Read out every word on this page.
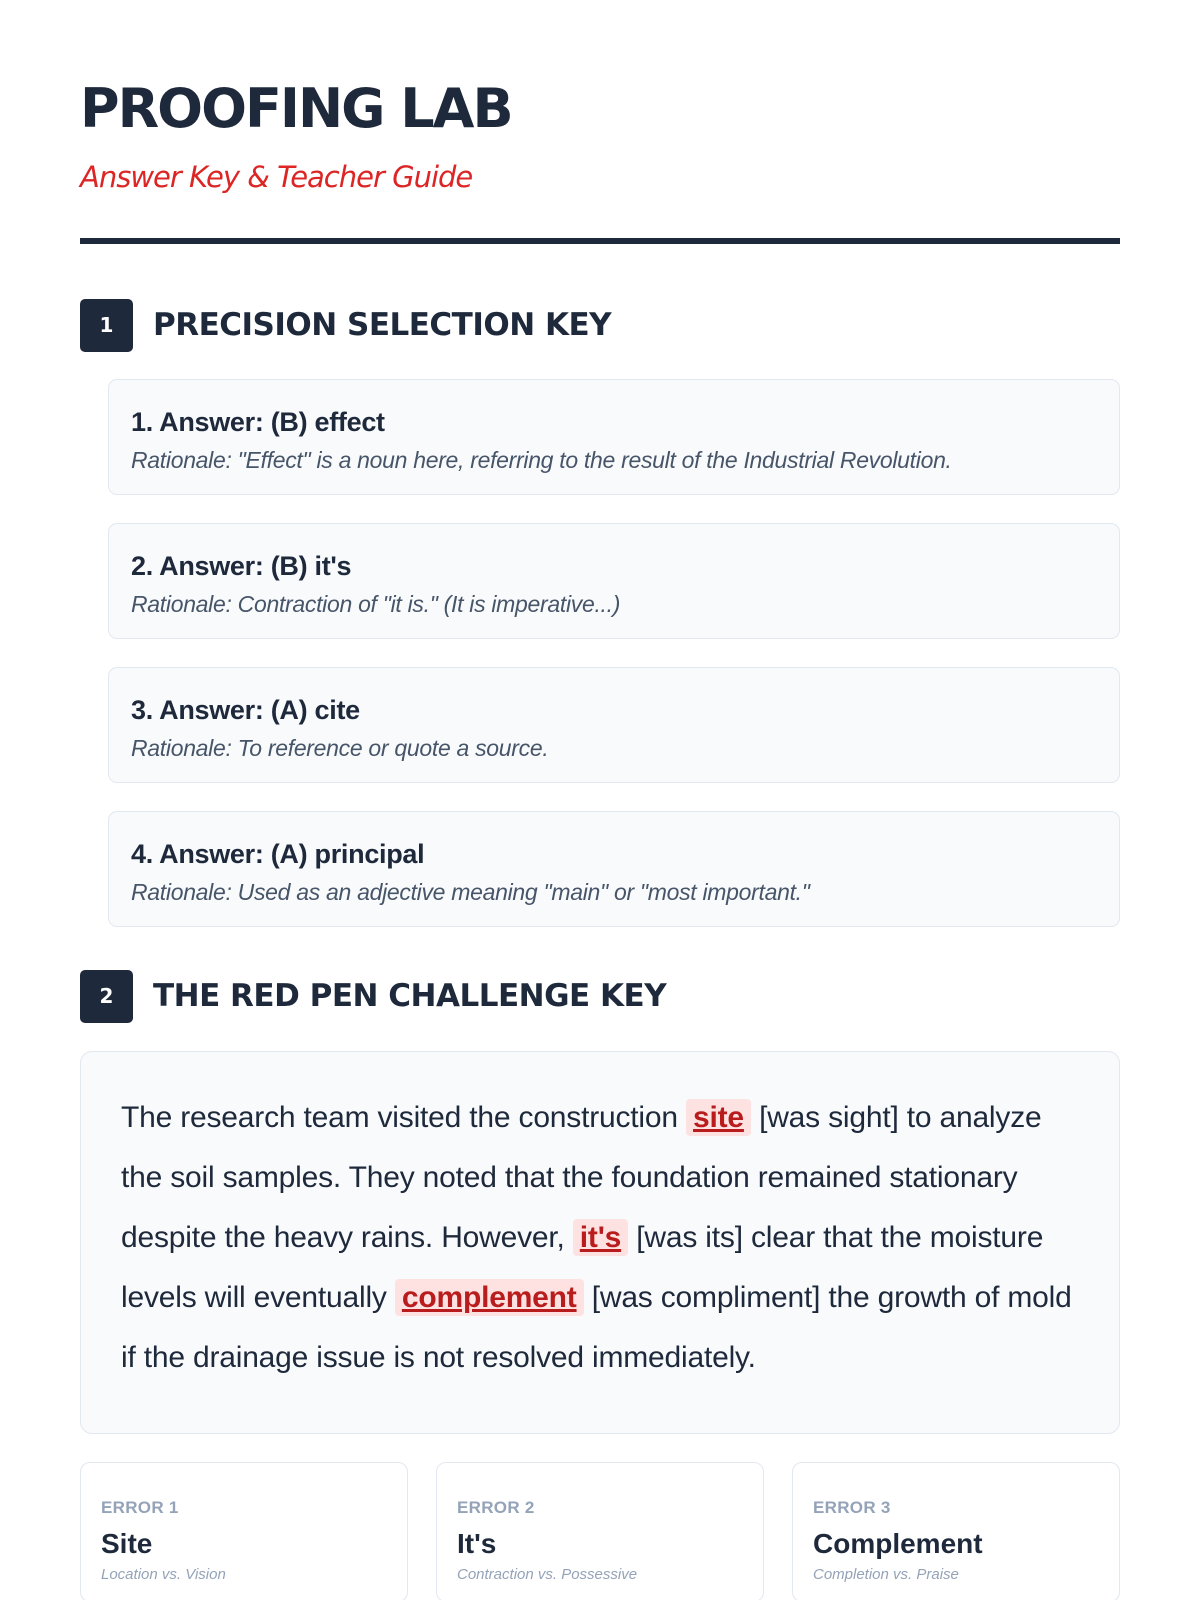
PROOFING LAB
Answer Key & Teacher Guide
1	PRECISION SELECTION KEY
1. Answer: (B) effect
Rationale: "Effect" is a noun here, referring to the result of the Industrial Revolution.
2. Answer: (B) it's
Rationale: Contraction of "it is." (It is imperative...)
3. Answer: (A) cite
Rationale: To reference or quote a source.
4. Answer: (A) principal
Rationale: Used as an adjective meaning "main" or "most important."
2	THE RED PEN CHALLENGE KEY
The research team visited the construction site [was sight] to analyze the soil samples. They noted that the foundation remained stationary despite the heavy rains. However, it's [was its] clear that the moisture levels will eventually complement [was compliment] the growth of mold if the drainage issue is not resolved immediately.
ERROR 1
Site
Location vs. Vision
ERROR 2
It's
Contraction vs. Possessive
ERROR 3
Complement
Completion vs. Praise
